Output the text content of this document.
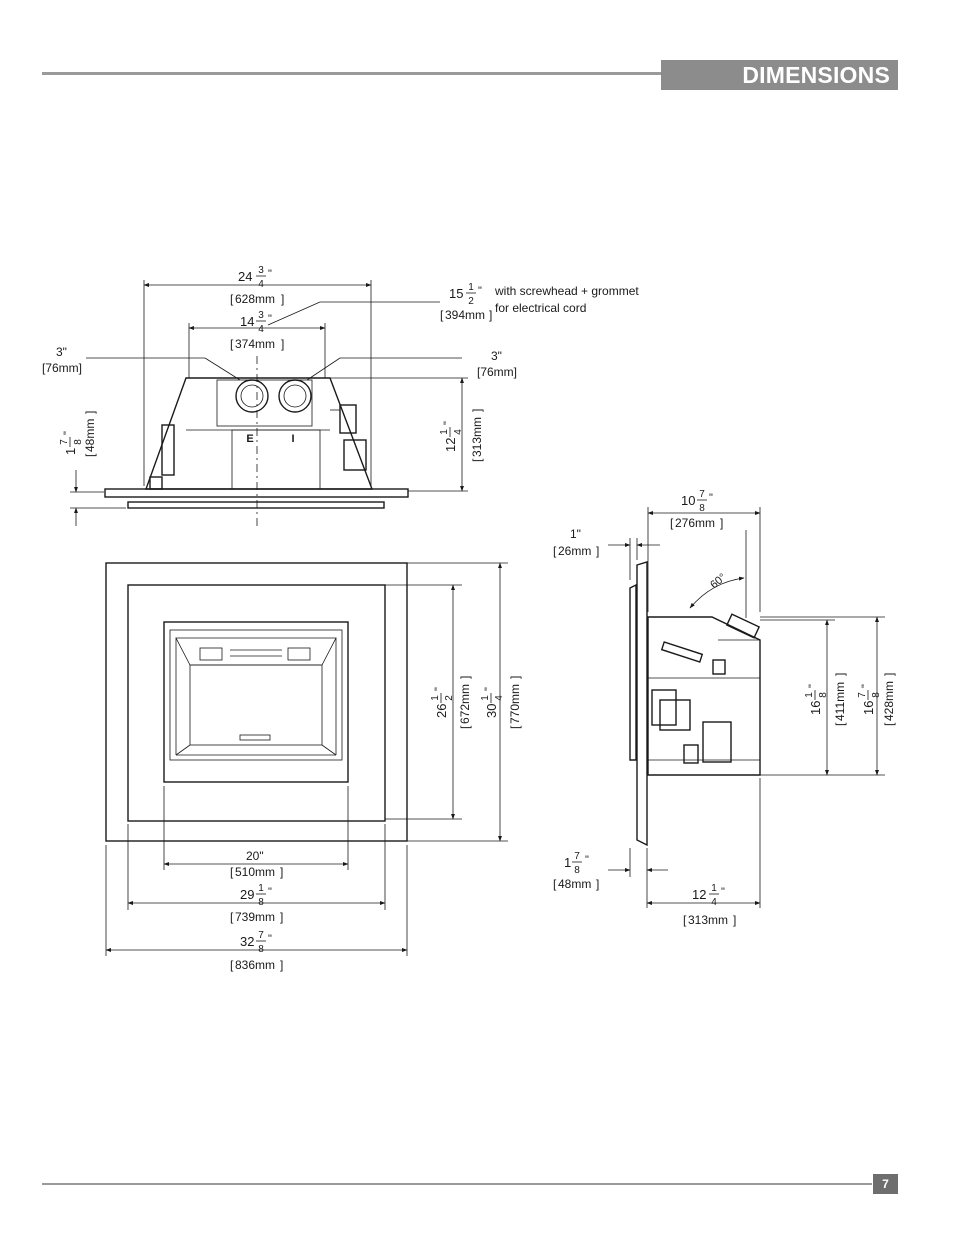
DIMENSIONS
7
E	I
24 3
4
"
[ 628mm ]	15 1
2
"
[ 394mm ]
with screwhead + grommet
for electrical cord
14 3
4
"
[ 374mm ]
3"
[76mm]
3"
[76mm]
1
7 8
"
[
48mm
]
12
1 4
"
[
313mm
]
20"
[ 510mm ]
29 1
8
"
[ 739mm ]
32 7
8
"
[ 836mm ]
26
1 2
"
[
672mm
]
30
1 4
"
[
770mm
]
10 7
8
"
[ 276mm ]
1"
[ 26mm ]
60°
16
1 8
"
[
411mm
]
16
7 8
"
[
428mm
]
1 7
8
"
[ 48mm ]
12 1
4
"
[ 313mm ]
